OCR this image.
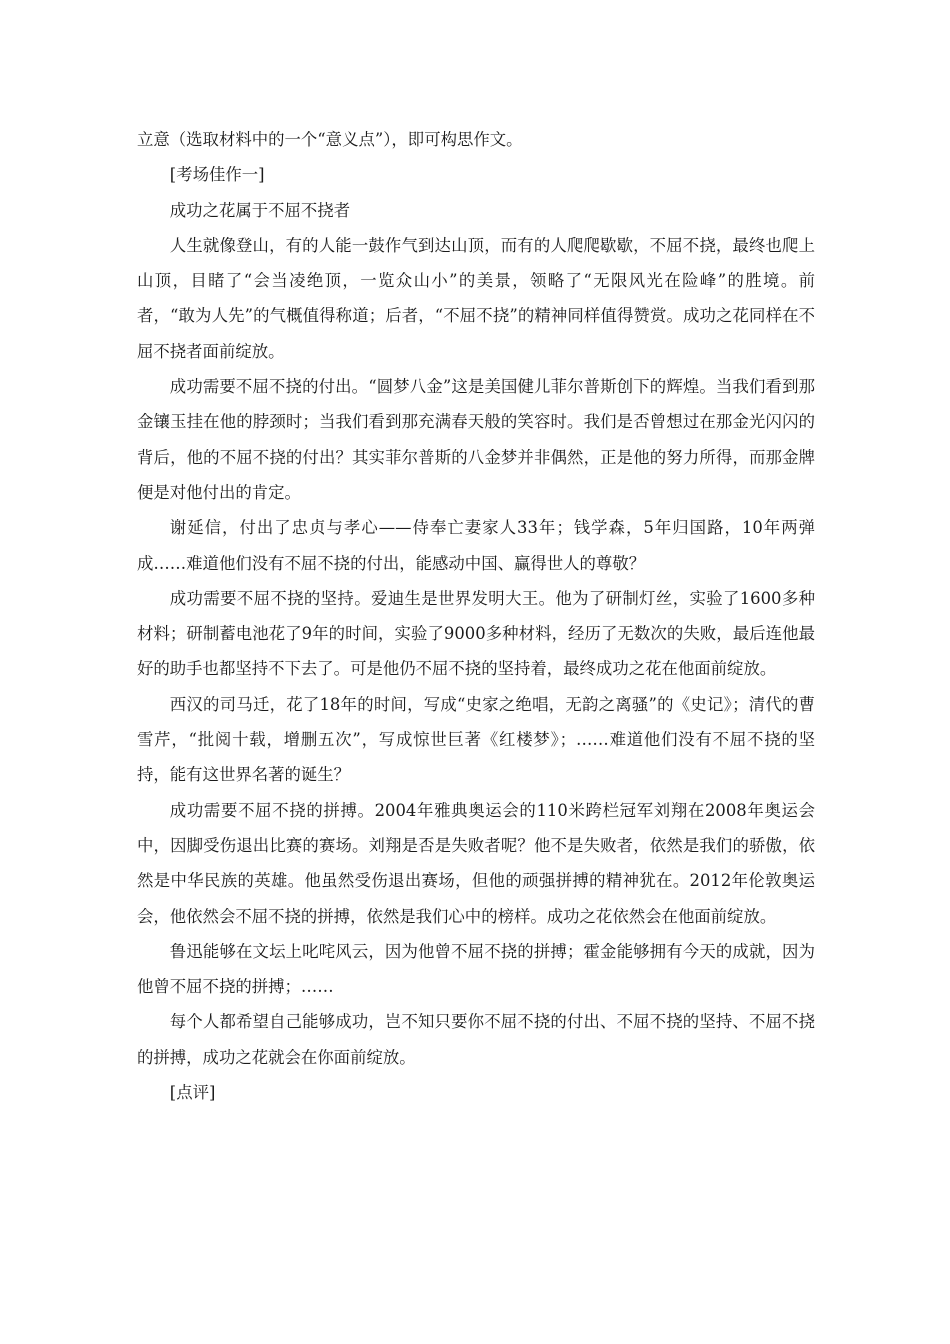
立意（选取材料中的一个“意义点”），即可构思作文。

[考场佳作一]

成功之花属于不屈不挠者

人生就像登山，有的人能一鼓作气到达山顶，而有的人爬爬歇歇，不屈不挠，最终也爬上山顶，目睹了“会当凌绝顶，一览众山小”的美景，领略了“无限风光在险峰”的胜境。前者，“敢为人先”的气概值得称道；后者，“不屈不挠”的精神同样值得赞赏。成功之花同样在不屈不挠者面前绽放。

成功需要不屈不挠的付出。“圆梦八金”这是美国健儿菲尔普斯创下的辉煌。当我们看到那金镶玉挂在他的脖颈时；当我们看到那充满春天般的笑容时。我们是否曾想过在那金光闪闪的背后，他的不屈不挠的付出？其实菲尔普斯的八金梦并非偶然，正是他的努力所得，而那金牌便是对他付出的肯定。

谢延信，付出了忠贞与孝心——侍奉亡妻家人33年；钱学森，5年归国路，10年两弹成……难道他们没有不屈不挠的付出，能感动中国、赢得世人的尊敬？

成功需要不屈不挠的坚持。爱迪生是世界发明大王。他为了研制灯丝，实验了1600多种材料；研制蓄电池花了9年的时间，实验了9000多种材料，经历了无数次的失败，最后连他最好的助手也都坚持不下去了。可是他仍不屈不挠的坚持着，最终成功之花在他面前绽放。

西汉的司马迁，花了18年的时间，写成“史家之绝唱，无韵之离骚”的《史记》；清代的曹雪芹，“批阅十载，增删五次”，写成惊世巨著《红楼梦》；……难道他们没有不屈不挠的坚持，能有这世界名著的诞生？

成功需要不屈不挠的拼搏。2004年雅典奥运会的110米跨栏冠军刘翔在2008年奥运会中，因脚受伤退出比赛的赛场。刘翔是否是失败者呢？他不是失败者，依然是我们的骄傲，依然是中华民族的英雄。他虽然受伤退出赛场，但他的顽强拼搏的精神犹在。2012年伦敦奥运会，他依然会不屈不挠的拼搏，依然是我们心中的榜样。成功之花依然会在他面前绽放。

鲁迅能够在文坛上叱咤风云，因为他曾不屈不挠的拼搏；霍金能够拥有今天的成就，因为他曾不屈不挠的拼搏；……

每个人都希望自己能够成功，岂不知只要你不屈不挠的付出、不屈不挠的坚持、不屈不挠的拼搏，成功之花就会在你面前绽放。

[点评]
